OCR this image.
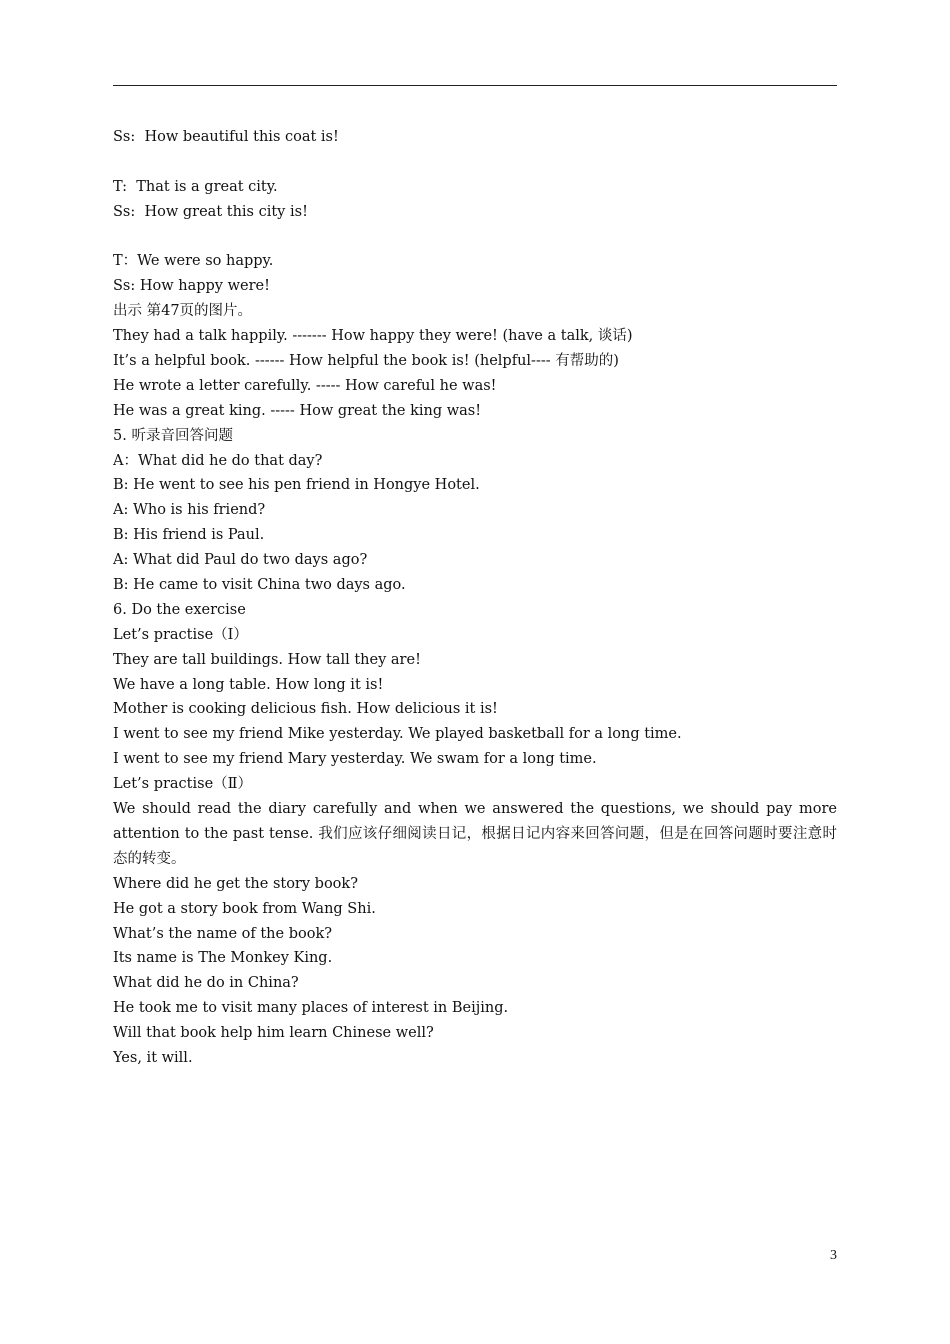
Ss:  How beautiful this coat is!
T:  That is a great city.
Ss:  How great this city is!
T：We were so happy.
Ss: How happy were!
出示 第47页的图片。
They had a talk happily. ------- How happy they were! (have a talk, 谈话)
It’s a helpful book. ------ How helpful the book is! (helpful---- 有帮助的)
He wrote a letter carefully. ----- How careful he was!
He was a great king. ----- How great the king was!
5. 听录音回答问题
A：What did he do that day?
B: He went to see his pen friend in Hongye Hotel.
A: Who is his friend?
B: His friend is Paul.
A: What did Paul do two days ago?
B: He came to visit China two days ago.
6. Do the exercise
Let’s practise（Ⅰ）
They are tall buildings. How tall they are!
We have a long table. How long it is!
Mother is cooking delicious fish. How delicious it is!
I went to see my friend Mike yesterday. We played basketball for a long time.
I went to see my friend Mary yesterday. We swam for a long time.
Let’s practise（Ⅱ）
We should read the diary carefully and when we answered the questions, we should pay more attention to the past tense. 我们应该仔细阅读日记，根据日记内容来回答问题，但是在回答问题时要注意时态的转变。
Where did he get the story book?
He got a story book from Wang Shi.
What’s the name of the book?
Its name is The Monkey King.
What did he do in China?
He took me to visit many places of interest in Beijing.
Will that book help him learn Chinese well?
Yes, it will.
3
